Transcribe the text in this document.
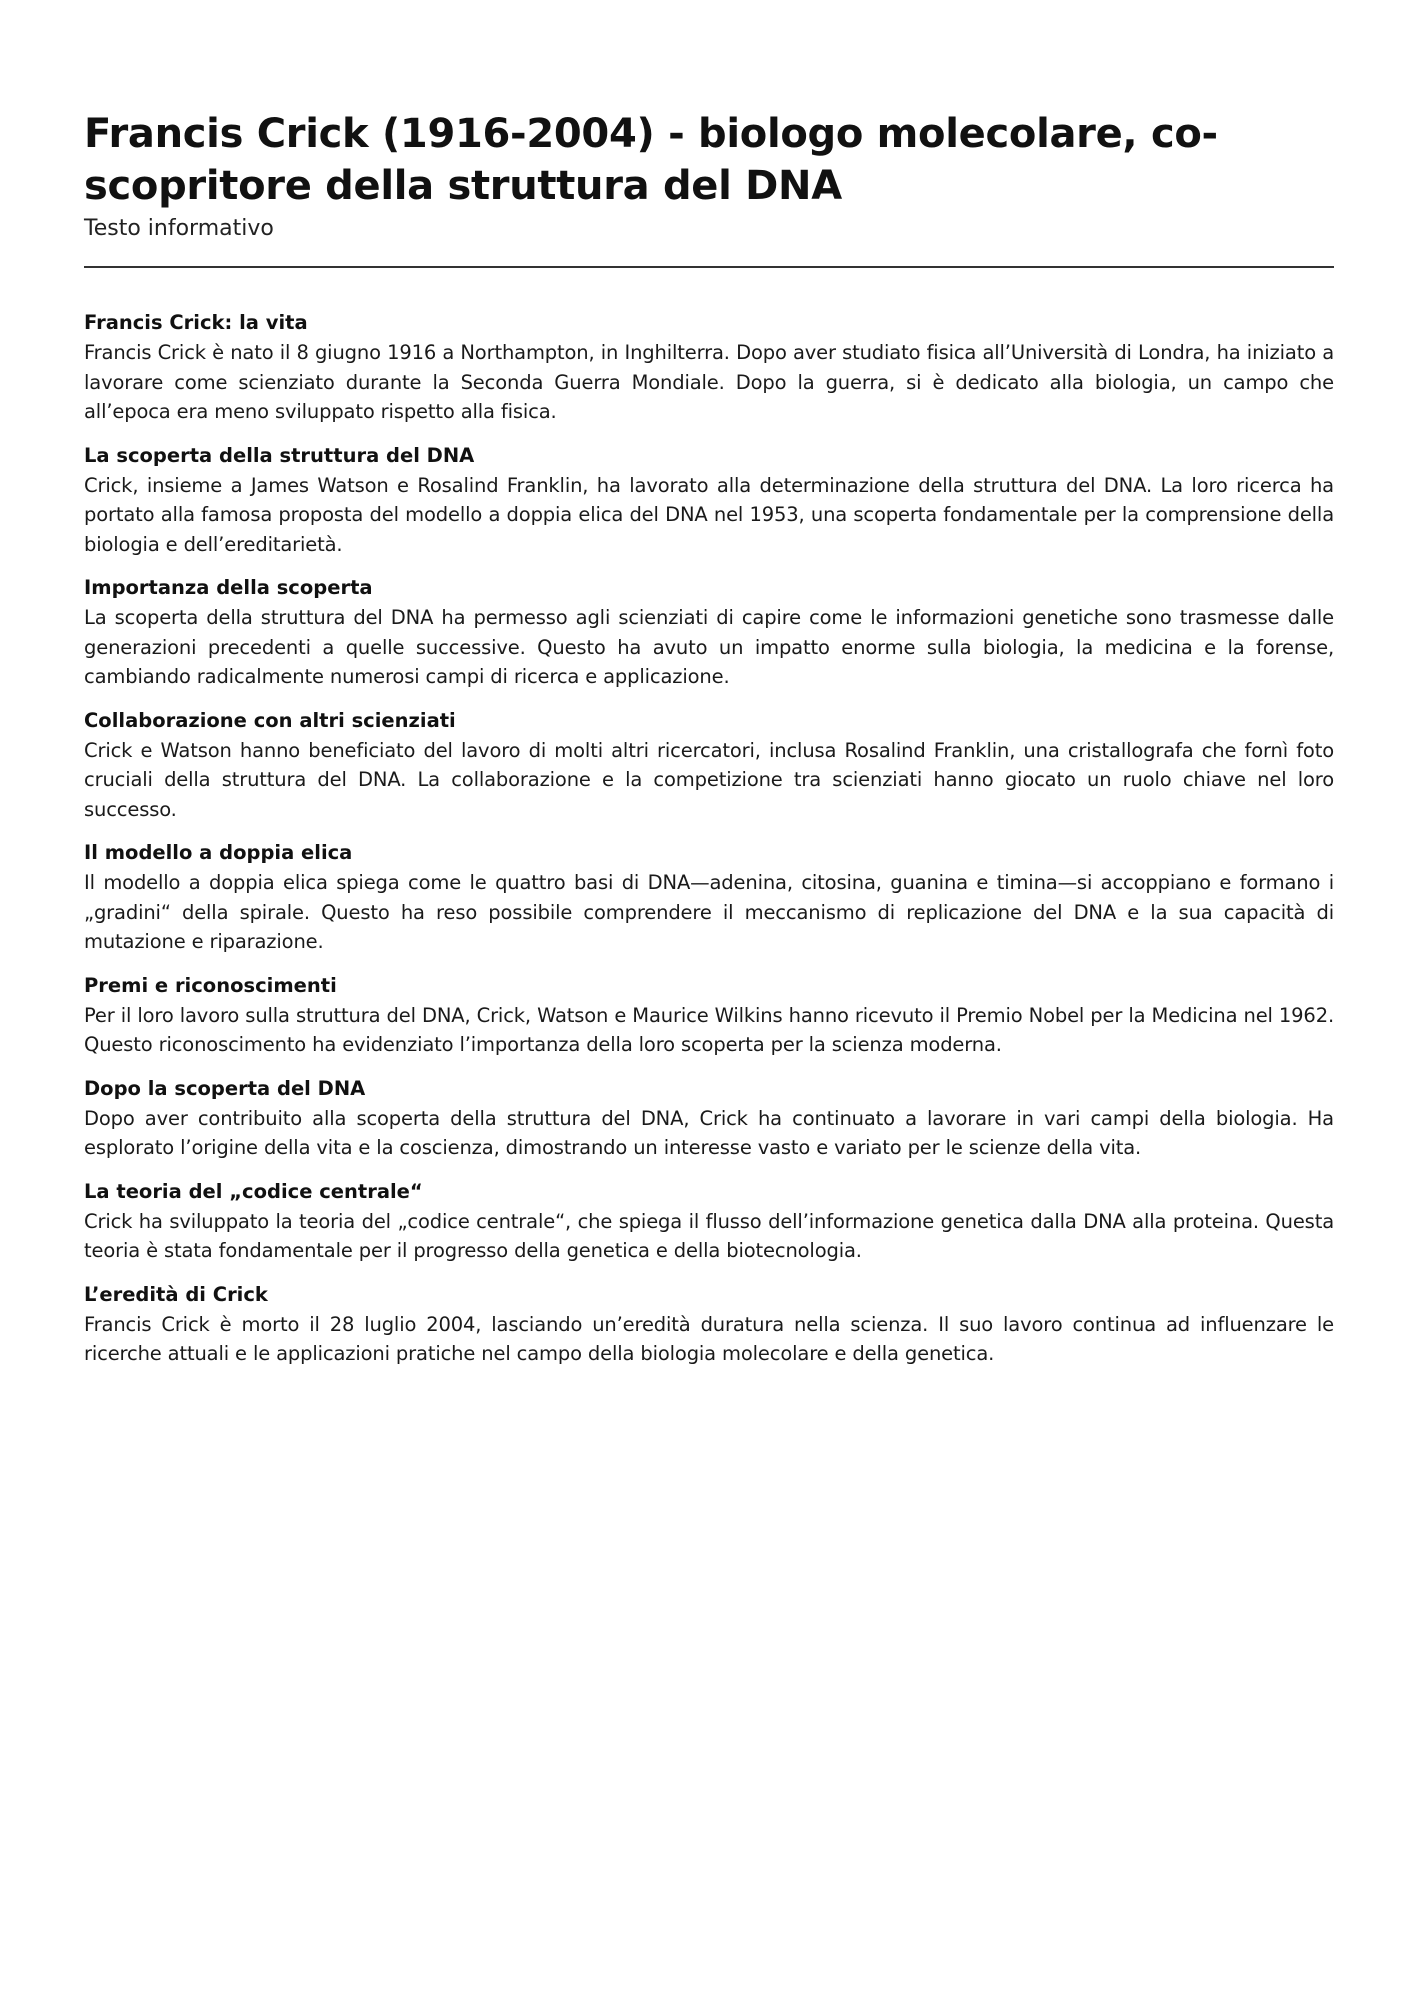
Francis Crick (1916-2004) - biologo molecolare, co-scopritore della struttura del DNA
Testo informativo
Francis Crick: la vita

Francis Crick è nato il 8 giugno 1916 a Northampton, in Inghilterra. Dopo aver studiato fisica all’Università di Londra, ha iniziato a lavorare come scienziato durante la Seconda Guerra Mondiale. Dopo la guerra, si è dedicato alla biologia, un campo che all’epoca era meno sviluppato rispetto alla fisica.

La scoperta della struttura del DNA

Crick, insieme a James Watson e Rosalind Franklin, ha lavorato alla determinazione della struttura del DNA. La loro ricerca ha portato alla famosa proposta del modello a doppia elica del DNA nel 1953, una scoperta fondamentale per la comprensione della biologia e dell’ereditarietà.

Importanza della scoperta

La scoperta della struttura del DNA ha permesso agli scienziati di capire come le informazioni genetiche sono trasmesse dalle generazioni precedenti a quelle successive. Questo ha avuto un impatto enorme sulla biologia, la medicina e la forense, cambiando radicalmente numerosi campi di ricerca e applicazione.

Collaborazione con altri scienziati

Crick e Watson hanno beneficiato del lavoro di molti altri ricercatori, inclusa Rosalind Franklin, una cristallografa che fornì foto cruciali della struttura del DNA. La collaborazione e la competizione tra scienziati hanno giocato un ruolo chiave nel loro successo.

Il modello a doppia elica

Il modello a doppia elica spiega come le quattro basi di DNA—adenina, citosina, guanina e timina—si accoppiano e formano i „gradini“ della spirale. Questo ha reso possibile comprendere il meccanismo di replicazione del DNA e la sua capacità di mutazione e riparazione.

Premi e riconoscimenti

Per il loro lavoro sulla struttura del DNA, Crick, Watson e Maurice Wilkins hanno ricevuto il Premio Nobel per la Medicina nel 1962. Questo riconoscimento ha evidenziato l’importanza della loro scoperta per la scienza moderna.

Dopo la scoperta del DNA

Dopo aver contribuito alla scoperta della struttura del DNA, Crick ha continuato a lavorare in vari campi della biologia. Ha esplorato l’origine della vita e la coscienza, dimostrando un interesse vasto e variato per le scienze della vita.

La teoria del „codice centrale“

Crick ha sviluppato la teoria del „codice centrale“, che spiega il flusso dell’informazione genetica dalla DNA alla proteina. Questa teoria è stata fondamentale per il progresso della genetica e della biotecnologia.

L’eredità di Crick

Francis Crick è morto il 28 luglio 2004, lasciando un’eredità duratura nella scienza. Il suo lavoro continua ad influenzare le ricerche attuali e le applicazioni pratiche nel campo della biologia molecolare e della genetica.
